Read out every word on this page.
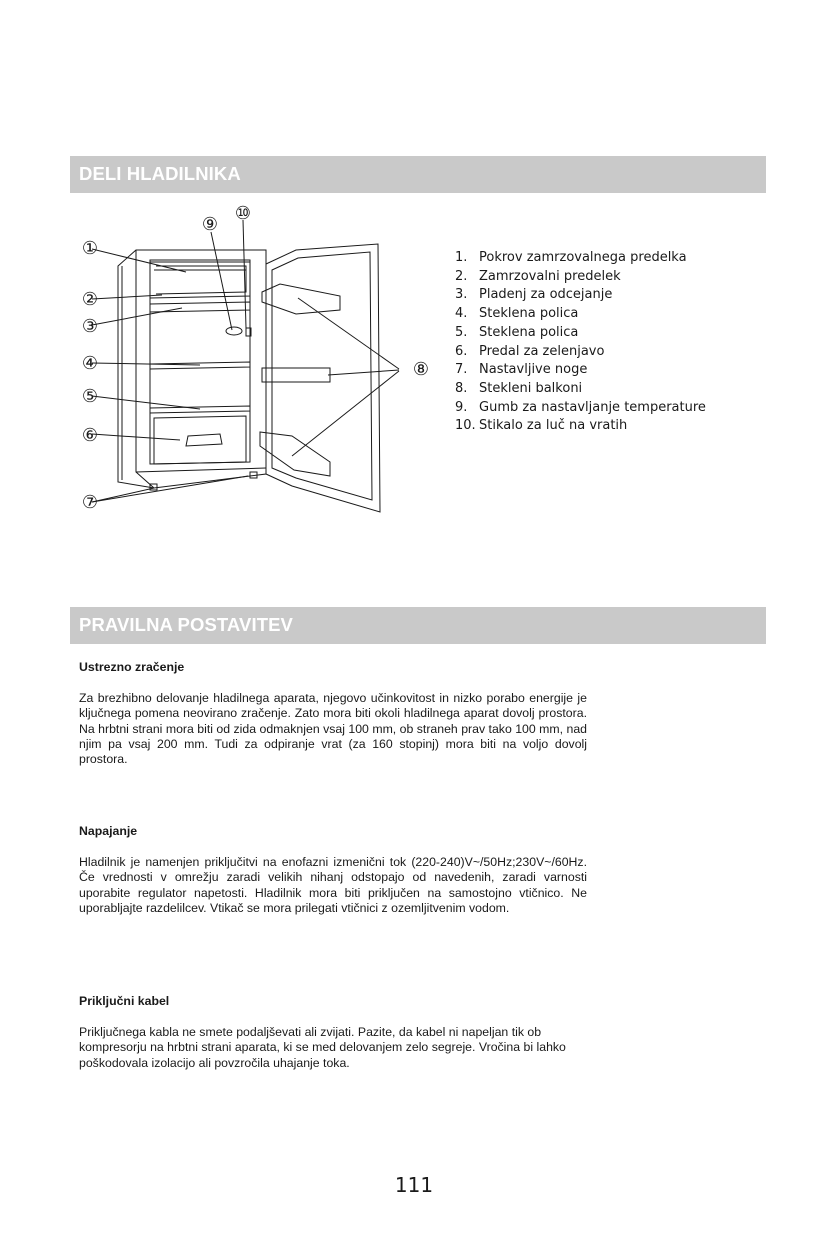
DELI HLADILNIKA
①
②
③
④
⑤
⑥
⑦
⑧
⑨
⑩
1. Pokrov zamrzovalnega predelka
2. Zamrzovalni predelek
3. Pladenj za odcejanje
4. Steklena polica
5. Steklena polica
6. Predal za zelenjavo
7. Nastavljive noge
8. Stekleni balkoni
9. Gumb za nastavljanje temperature
10. Stikalo za luč na vratih
PRAVILNA POSTAVITEV
Ustrezno zračenje

Za brezhibno delovanje hladilnega aparata, njegovo učinkovitost in nizko porabo energije je ključnega pomena neovirano zračenje. Zato mora biti okoli hladilnega aparat dovolj prostora. Na hrbtni strani mora biti od zida odmaknjen vsaj 100 mm, ob straneh prav tako 100 mm, nad njim pa vsaj 200 mm. Tudi za odpiranje vrat (za 160 stopinj) mora biti na voljo dovolj prostora.

Napajanje

Hladilnik je namenjen priključitvi na enofazni izmenični tok (220-240)V~/50Hz;230V~/60Hz. Če vrednosti v omrežju zaradi velikih nihanj odstopajo od navedenih, zaradi varnosti uporabite regulator napetosti. Hladilnik mora biti priključen na samostojno vtičnico. Ne uporabljajte razdelilcev. Vtikač se mora prilegati vtičnici z ozemljitvenim vodom.

Priključni kabel

Priključnega kabla ne smete podaljševati ali zvijati. Pazite, da kabel ni napeljan tik ob kompresorju na hrbtni strani aparata, ki se med delovanjem zelo segreje. Vročina bi lahko poškodovala izolacijo ali povzročila uhajanje toka.

111
